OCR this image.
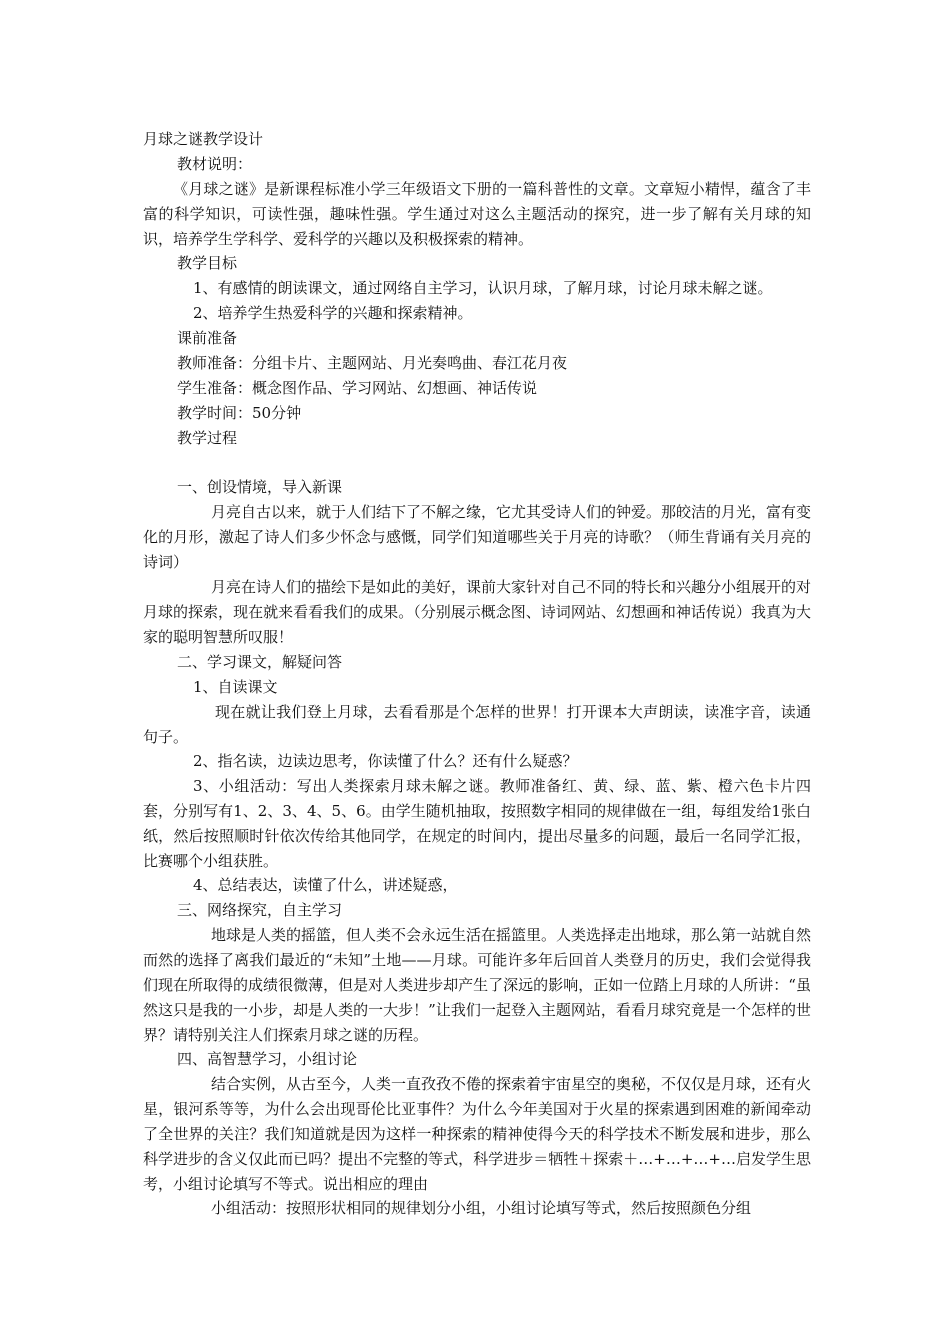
月球之谜教学设计

教材说明：

《月球之谜》是新课程标准小学三年级语文下册的一篇科普性的文章。文章短小精悍，蕴含了丰富的科学知识，可读性强，趣味性强。学生通过对这么主题活动的探究，进一步了解有关月球的知识，培养学生学科学、爱科学的兴趣以及积极探索的精神。

教学目标

1、有感情的朗读课文，通过网络自主学习，认识月球，了解月球，讨论月球未解之谜。

2、培养学生热爱科学的兴趣和探索精神。

课前准备

教师准备：分组卡片、主题网站、月光奏鸣曲、春江花月夜

学生准备：概念图作品、学习网站、幻想画、神话传说

教学时间：50分钟

教学过程

一、创设情境，导入新课

月亮自古以来，就于人们结下了不解之缘，它尤其受诗人们的钟爱。那皎洁的月光，富有变化的月形，激起了诗人们多少怀念与感慨，同学们知道哪些关于月亮的诗歌？（师生背诵有关月亮的诗词）

月亮在诗人们的描绘下是如此的美好，课前大家针对自己不同的特长和兴趣分小组展开的对月球的探索，现在就来看看我们的成果。（分别展示概念图、诗词网站、幻想画和神话传说）我真为大家的聪明智慧所叹服！

二、学习课文，解疑问答

1、自读课文

现在就让我们登上月球，去看看那是个怎样的世界！打开课本大声朗读，读准字音，读通句子。

2、指名读，边读边思考，你读懂了什么？还有什么疑惑？

3、小组活动：写出人类探索月球未解之谜。教师准备红、黄、绿、蓝、紫、橙六色卡片四套，分别写有1、2、3、4、5、6。由学生随机抽取，按照数字相同的规律做在一组，每组发给1张白纸，然后按照顺时针依次传给其他同学，在规定的时间内，提出尽量多的问题，最后一名同学汇报，比赛哪个小组获胜。

4、总结表达，读懂了什么，讲述疑惑，

三、网络探究，自主学习

地球是人类的摇篮，但人类不会永远生活在摇篮里。人类选择走出地球，那么第一站就自然而然的选择了离我们最近的“未知”土地——月球。可能许多年后回首人类登月的历史，我们会觉得我们现在所取得的成绩很微薄，但是对人类进步却产生了深远的影响，正如一位踏上月球的人所讲：“虽然这只是我的一小步，却是人类的一大步！”让我们一起登入主题网站，看看月球究竟是一个怎样的世界？请特别关注人们探索月球之谜的历程。

四、高智慧学习，小组讨论

结合实例，从古至今，人类一直孜孜不倦的探索着宇宙星空的奥秘，不仅仅是月球，还有火星，银河系等等，为什么会出现哥伦比亚事件？为什么今年美国对于火星的探索遇到困难的新闻牵动了全世界的关注？我们知道就是因为这样一种探索的精神使得今天的科学技术不断发展和进步，那么科学进步的含义仅此而已吗？提出不完整的等式，科学进步＝牺牲＋探索＋…+…+…+…启发学生思考，小组讨论填写不等式。说出相应的理由

小组活动：按照形状相同的规律划分小组，小组讨论填写等式，然后按照颜色分组
